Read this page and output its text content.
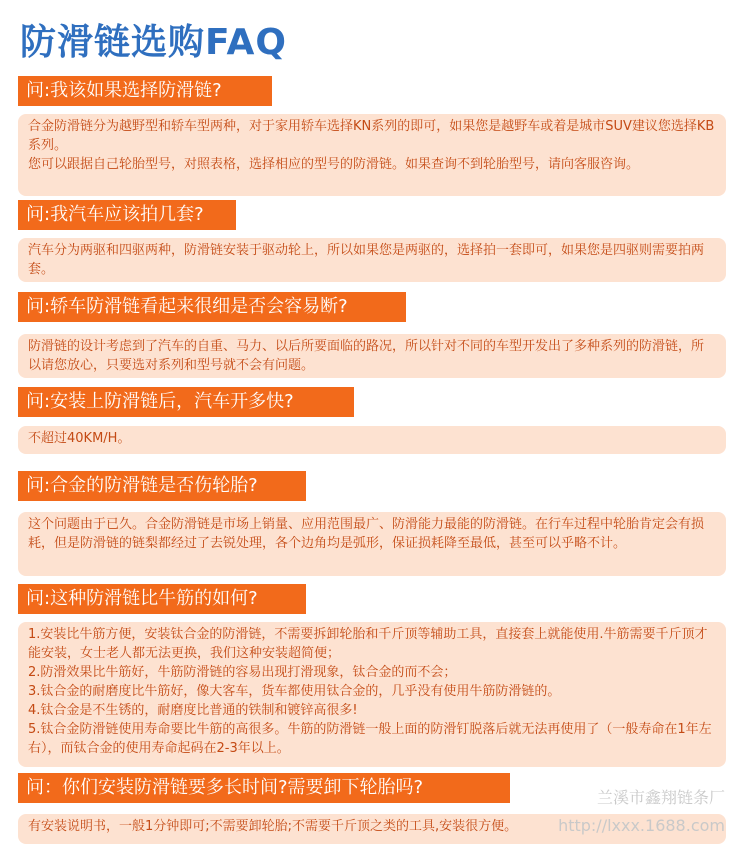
防滑链选购FAQ
问:我该如果选择防滑链?
合金防滑链分为越野型和轿车型两种，对于家用轿车选择KN系列的即可，如果您是越野车或着是城市SUV建议您选择KB系列。
您可以跟据自己轮胎型号，对照表格，选择相应的型号的防滑链。如果查询不到轮胎型号，请向客服咨询。
问:我汽车应该拍几套?
汽车分为两驱和四驱两种，防滑链安装于驱动轮上，所以如果您是两驱的，选择拍一套即可，如果您是四驱则需要拍两套。
问:轿车防滑链看起来很细是否会容易断?
防滑链的设计考虑到了汽车的自重、马力、以后所要面临的路况，所以针对不同的车型开发出了多种系列的防滑链，所以请您放心，只要选对系列和型号就不会有问题。
问:安装上防滑链后，汽车开多快?
不超过40KM/H。
问:合金的防滑链是否伤轮胎?
这个问题由于已久。合金防滑链是市场上销量、应用范围最广、防滑能力最能的防滑链。在行车过程中轮胎肯定会有损耗，但是防滑链的链梨都经过了去锐处理，各个边角均是弧形，保证损耗降至最低，甚至可以乎略不计。
问:这种防滑链比牛筋的如何?
1.安装比牛筋方便，安装钛合金的防滑链，不需要拆卸轮胎和千斤顶等辅助工具，直接套上就能使用.牛筋需要千斤顶才能安装，女士老人都无法更换，我们这种安装超简便；
2.防滑效果比牛筋好，牛筋防滑链的容易出现打滑现象，钛合金的而不会；
3.钛合金的耐磨度比牛筋好，像大客车，货车都使用钛合金的，几乎没有使用牛筋防滑链的。
4.钛合金是不生锈的，耐磨度比普通的铁制和镀锌高很多!
5.钛合金防滑链使用寿命要比牛筋的高很多。牛筋的防滑链一般上面的防滑钉脱落后就无法再使用了（一般寿命在1年左右），而钛合金的使用寿命起码在2-3年以上。
问：你们安装防滑链要多长时间?需要卸下轮胎吗?
有安装说明书，一般1分钟即可;不需要卸轮胎;不需要千斤顶之类的工具,安装很方便。
兰溪市鑫翔链条厂
http://lxxx.1688.com
